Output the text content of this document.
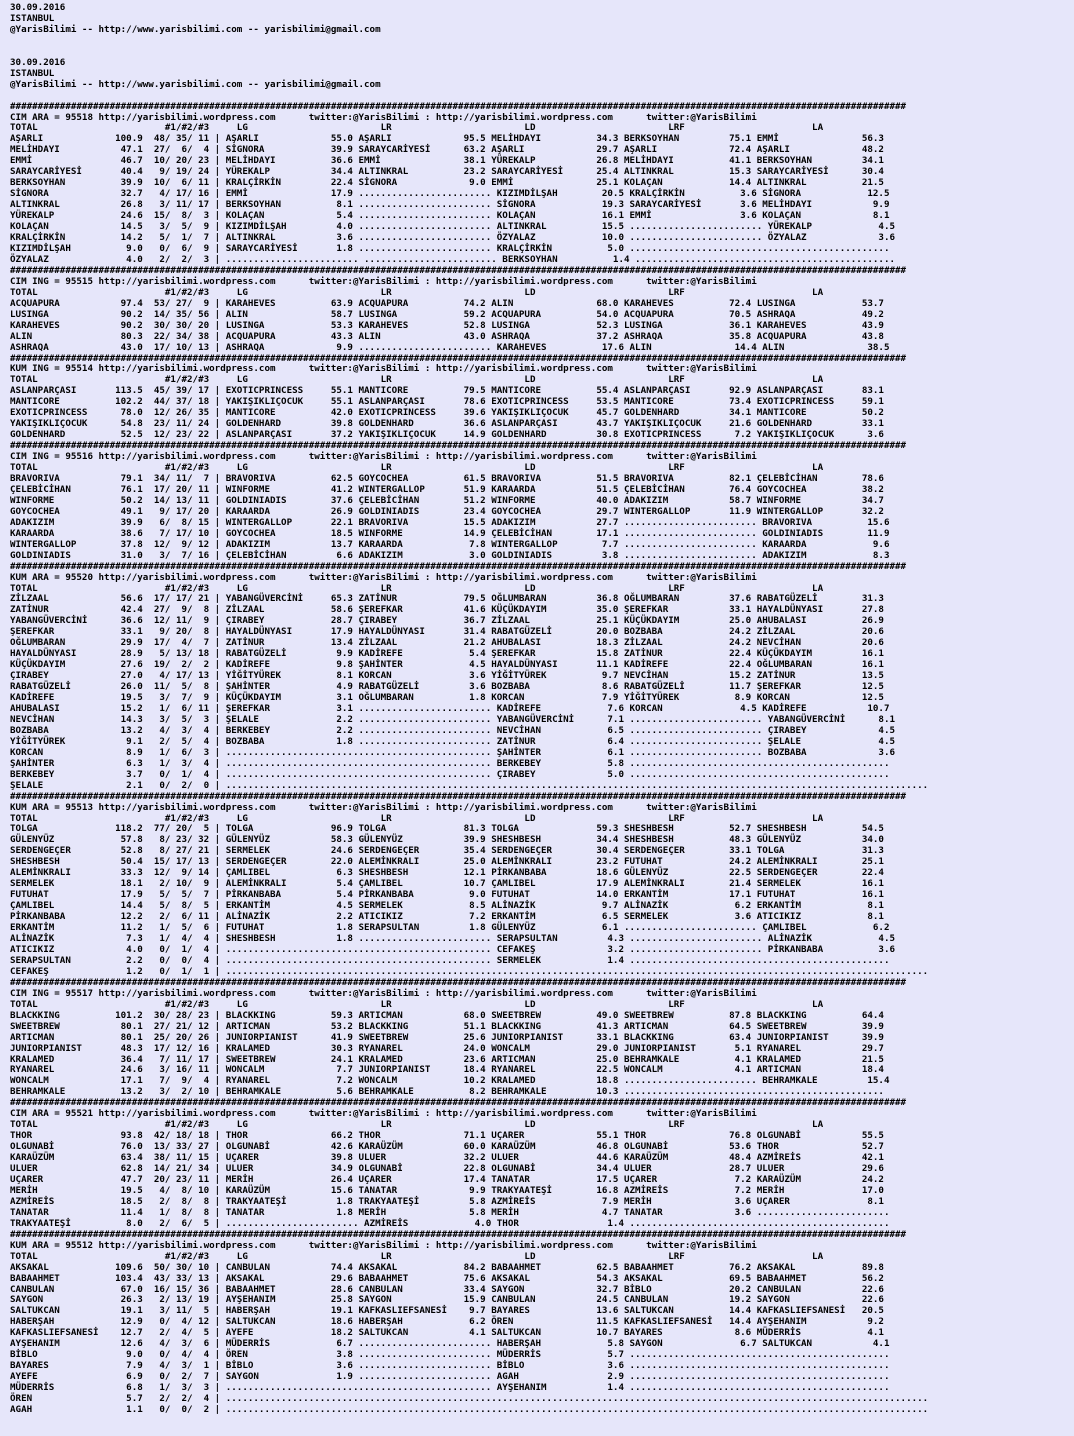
30.09.2016
ISTANBUL
@YarisBilimi -- http://www.yarisbilimi.com -- yarisbilimi@gmail.com

30.09.2016
ISTANBUL
@YarisBilimi -- http://www.yarisbilimi.com -- yarisbilimi@gmail.com

##################################################################################################################################################################
CIM ARA = 95518 http://yarisbilimi.wordpress.com      twitter:@YarisBilimi : http://yarisbilimi.wordpress.com      twitter:@YarisBilimi
TOTAL                       #1/#2/#3     LG                        LR                        LD                        LRF                       LA
AŞARLI             100.9  48/ 35/ 11 | AŞARLI             55.0 AŞARLI             95.5 MELİHDAYI          34.3 BERKSOYHAN         75.1 EMMİ               56.3
MELİHDAYI           47.1  27/  6/  4 | SİGNORA            39.9 SARAYCARİYESİ      63.2 AŞARLI             29.7 AŞARLI             72.4 AŞARLI             48.2
EMMİ                46.7  10/ 20/ 23 | MELİHDAYI          36.6 EMMİ               38.1 YÜREKALP           26.8 MELİHDAYI          41.1 BERKSOYHAN         34.1
SARAYCARİYESİ       40.4   9/ 19/ 24 | YÜREKALP           34.4 ALTINKRAL          23.2 SARAYCARİYESİ      25.4 ALTINKRAL          15.3 SARAYCARİYESİ      30.4
BERKSOYHAN          39.9  10/  6/ 11 | KRALÇİRKİN         22.4 SİGNORA             9.0 EMMİ               25.1 KOLAÇAN            14.4 ALTINKRAL          21.5
SİGNORA             32.7   4/ 17/ 16 | EMMİ               17.9 ........................ KIZIMDİLŞAH        20.5 KRALÇİRKİN          3.6 SİGNORA            12.5
ALTINKRAL           26.8   3/ 11/ 17 | BERKSOYHAN          8.1 ........................ SİGNORA            19.3 SARAYCARİYESİ       3.6 MELİHDAYI           9.9
YÜREKALP            24.6  15/  8/  3 | KOLAÇAN             5.4 ........................ KOLAÇAN            16.1 EMMİ                3.6 KOLAÇAN             8.1
KOLAÇAN             14.5   3/  5/  9 | KIZIMDİLŞAH         4.0 ........................ ALTINKRAL          15.5 ........................ YÜREKALP            4.5
KRALÇİRKİN          14.2   5/  1/  7 | ALTINKRAL           3.6 ........................ ÖZYALAZ            10.0 ........................ ÖZYALAZ             3.6
KIZIMDİLŞAH          9.0   0/  6/  9 | SARAYCARİYESİ       1.8 ........................ KRALÇİRKİN          5.0 ...............................................
ÖZYALAZ              4.0   2/  2/  3 | ........................ ........................ BERKSOYHAN          1.4 ...............................................
##################################################################################################################################################################
CIM ING = 95515 http://yarisbilimi.wordpress.com      twitter:@YarisBilimi : http://yarisbilimi.wordpress.com      twitter:@YarisBilimi
TOTAL                       #1/#2/#3     LG                        LR                        LD                        LRF                       LA
ACQUAPURA           97.4  53/ 27/  9 | KARAHEVES          63.9 ACQUAPURA          74.2 ALIN               68.0 KARAHEVES          72.4 LUSINGA            53.7
LUSINGA             90.2  14/ 35/ 56 | ALIN               58.7 LUSINGA            59.2 ACQUAPURA          54.0 ACQUAPURA          70.5 ASHRAQA            49.2
KARAHEVES           90.2  30/ 30/ 20 | LUSINGA            53.3 KARAHEVES          52.8 LUSINGA            52.3 LUSINGA            36.1 KARAHEVES          43.9
ALIN                80.3  22/ 34/ 38 | ACQUAPURA          43.3 ALIN               43.0 ASHRAQA            37.2 ASHRAQA            35.8 ACQUAPURA          43.8
ASHRAQA             43.0  17/ 10/ 13 | ASHRAQA             9.9 ........................ KARAHEVES          17.6 ALIN               14.4 ALIN               38.5
##################################################################################################################################################################
KUM ING = 95514 http://yarisbilimi.wordpress.com      twitter:@YarisBilimi : http://yarisbilimi.wordpress.com      twitter:@YarisBilimi
TOTAL                       #1/#2/#3     LG                        LR                        LD                        LRF                       LA
ASLANPARÇASI       113.5  45/ 39/ 17 | EXOTICPRINCESS     55.1 MANTICORE          79.5 MANTICORE          55.4 ASLANPARÇASI       92.9 ASLANPARÇASI       83.1
MANTICORE          102.2  44/ 37/ 18 | YAKIŞIKLIÇOCUK     55.1 ASLANPARÇASI       78.6 EXOTICPRINCESS     53.5 MANTICORE          73.4 EXOTICPRINCESS     59.1
EXOTICPRINCESS      78.0  12/ 26/ 35 | MANTICORE          42.0 EXOTICPRINCESS     39.6 YAKIŞIKLIÇOCUK     45.7 GOLDENHARD         34.1 MANTICORE          50.2
YAKIŞIKLIÇOCUK      54.8  23/ 11/ 24 | GOLDENHARD         39.8 GOLDENHARD         36.6 ASLANPARÇASI       43.7 YAKIŞIKLIÇOCUK     21.6 GOLDENHARD         33.1
GOLDENHARD          52.5  12/ 23/ 22 | ASLANPARÇASI       37.2 YAKIŞIKLIÇOCUK     14.9 GOLDENHARD         30.8 EXOTICPRINCESS      7.2 YAKIŞIKLIÇOCUK      3.6
##################################################################################################################################################################
CIM ING = 95516 http://yarisbilimi.wordpress.com      twitter:@YarisBilimi : http://yarisbilimi.wordpress.com      twitter:@YarisBilimi
TOTAL                       #1/#2/#3     LG                        LR                        LD                        LRF                       LA
BRAVORIVA           79.1  34/ 11/  7 | BRAVORIVA          62.5 GOYCOCHEA          61.5 BRAVORIVA          51.5 BRAVORIVA          82.1 ÇELEBİCİHAN        78.6
ÇELEBİCİHAN         76.1  17/ 20/ 11 | WINFORME           41.2 WINTERGALLOP       51.9 KARAARDA           51.5 ÇELEBİCİHAN        76.4 GOYCOCHEA          38.2
WINFORME            50.2  14/ 13/ 11 | GOLDINIADIS        37.6 ÇELEBİCİHAN        51.2 WINFORME           40.0 ADAKIZIM           58.7 WINFORME           34.7
GOYCOCHEA           49.1   9/ 17/ 20 | KARAARDA           26.9 GOLDINIADIS        23.4 GOYCOCHEA          29.7 WINTERGALLOP       11.9 WINTERGALLOP       32.2
ADAKIZIM            39.9   6/  8/ 15 | WINTERGALLOP       22.1 BRAVORIVA          15.5 ADAKIZIM           27.7 ........................ BRAVORIVA          15.6
KARAARDA            38.6   7/ 17/ 10 | GOYCOCHEA          18.5 WINFORME           14.9 ÇELEBİCİHAN        17.1 ........................ GOLDINIADIS        11.9
WINTERGALLOP        37.8  12/  9/ 12 | ADAKIZIM           13.7 KARAARDA            7.8 WINTERGALLOP        7.7 ........................ KARAARDA            9.6
GOLDINIADIS         31.0   3/  7/ 16 | ÇELEBİCİHAN         6.6 ADAKIZIM            3.0 GOLDINIADIS         3.8 ........................ ADAKIZIM            8.3
##################################################################################################################################################################
KUM ARA = 95520 http://yarisbilimi.wordpress.com      twitter:@YarisBilimi : http://yarisbilimi.wordpress.com      twitter:@YarisBilimi
TOTAL                       #1/#2/#3     LG                        LR                        LD                        LRF                       LA
ZİLZAAL             56.6  17/ 17/ 21 | YABANGÜVERCİNİ     65.3 ZATİNUR            79.5 OĞLUMBARAN         36.8 OĞLUMBARAN         37.6 RABATGÜZELİ        31.3
ZATİNUR             42.4  27/  9/  8 | ZİLZAAL            58.6 ŞEREFKAR           41.6 KÜÇÜKDAYIM         35.0 ŞEREFKAR           33.1 HAYALDÜNYASI       27.8
YABANGÜVERCİNİ      36.6  12/ 11/  9 | ÇIRABEY            28.7 ÇIRABEY            36.7 ZİLZAAL            25.1 KÜÇÜKDAYIM         25.0 AHUBALASI          26.9
ŞEREFKAR            33.1   9/ 20/  8 | HAYALDÜNYASI       17.9 HAYALDÜNYASI       31.4 RABATGÜZELİ        20.0 BOZBABA            24.2 ZİLZAAL            20.6
OĞLUMBARAN          29.9  17/  4/  7 | ZATİNUR            13.4 ZİLZAAL            21.2 AHUBALASI          18.3 ZİLZAAL            24.2 NEVCİHAN           20.6
HAYALDÜNYASI        28.9   5/ 13/ 18 | RABATGÜZELİ         9.9 KADİREFE            5.4 ŞEREFKAR           15.8 ZATİNUR            22.4 KÜÇÜKDAYIM         16.1
KÜÇÜKDAYIM          27.6  19/  2/  2 | KADİREFE            9.8 ŞAHİNTER            4.5 HAYALDÜNYASI       11.1 KADİREFE           22.4 OĞLUMBARAN         16.1
ÇIRABEY             27.0   4/ 17/ 13 | YİĞİTYÜREK          8.1 KORCAN              3.6 YİĞİTYÜREK          9.7 NEVCİHAN           15.2 ZATİNUR            13.5
RABATGÜZELİ         26.0  11/  5/  8 | ŞAHİNTER            4.9 RABATGÜZELİ         3.6 BOZBABA             8.6 RABATGÜZELİ        11.7 ŞEREFKAR           12.5
KADİREFE            19.5   3/  7/  9 | KÜÇÜKDAYIM          3.1 OĞLUMBARAN          1.8 KORCAN              7.9 YİĞİTYÜREK          8.9 KORCAN             12.5
AHUBALASI           15.2   1/  6/ 11 | ŞEREFKAR            3.1 ........................ KADİREFE            7.6 KORCAN              4.5 KADİREFE           10.7
NEVCİHAN            14.3   3/  5/  3 | ŞELALE              2.2 ........................ YABANGÜVERCİNİ      7.1 ........................ YABANGÜVERCİNİ      8.1
BOZBABA             13.2   4/  3/  4 | BERKEBEY            2.2 ........................ NEVCİHAN            6.5 ........................ ÇIRABEY             4.5
YİĞİTYÜREK           9.1   2/  5/  4 | BOZBABA             1.8 ........................ ZATİNUR             6.4 ........................ ŞELALE              4.5
KORCAN               8.9   1/  6/  3 | ................................................ ŞAHİNTER            6.1 ........................ BOZBABA             3.6
ŞAHİNTER             6.3   1/  3/  4 | ................................................ BERKEBEY            5.8 ...............................................
BERKEBEY             3.7   0/  1/  4 | ................................................ ÇIRABEY             5.0 ...............................................
ŞELALE               2.1   0/  2/  0 | ...............................................................................................................................
##################################################################################################################################################################
KUM ARA = 95513 http://yarisbilimi.wordpress.com      twitter:@YarisBilimi : http://yarisbilimi.wordpress.com      twitter:@YarisBilimi
TOTAL                       #1/#2/#3     LG                        LR                        LD                        LRF                       LA
TOLGA              118.2  77/ 20/  5 | TOLGA              96.9 TOLGA              81.3 TOLGA              59.3 SHESHBESH          52.7 SHESHBESH          54.5
GÜLENYÜZ            57.8   8/ 23/ 32 | GÜLENYÜZ           58.3 GÜLENYÜZ           39.9 SHESHBESH          34.4 SHESHBESH          48.3 GÜLENYÜZ           34.0
SERDENGEÇER         52.8   8/ 27/ 21 | SERMELEK           24.6 SERDENGEÇER        35.4 SERDENGEÇER        30.4 SERDENGEÇER        33.1 TOLGA              31.3
SHESHBESH           50.4  15/ 17/ 13 | SERDENGEÇER        22.0 ALEMİNKRALI        25.0 ALEMİNKRALI        23.2 FUTUHAT            24.2 ALEMİNKRALI        25.1
ALEMİNKRALI         33.3  12/  9/ 14 | ÇAMLIBEL            6.3 SHESHBESH          12.1 PİRKANBABA         18.6 GÜLENYÜZ           22.5 SERDENGEÇER        22.4
SERMELEK            18.1   2/ 10/  9 | ALEMİNKRALI         5.4 ÇAMLIBEL           10.7 ÇAMLIBEL           17.9 ALEMİNKRALI        21.4 SERMELEK           16.1
FUTUHAT             17.9   5/  5/  7 | PİRKANBABA          5.4 PİRKANBABA          9.0 FUTUHAT            14.0 ERKANTİM           17.1 FUTUHAT            16.1
ÇAMLIBEL            14.4   5/  8/  5 | ERKANTİM            4.5 SERMELEK            8.5 ALİNAZİK            9.7 ALİNAZİK            6.2 ERKANTİM            8.1
PİRKANBABA          12.2   2/  6/ 11 | ALİNAZİK            2.2 ATICIKIZ            7.2 ERKANTİM            6.5 SERMELEK            3.6 ATICIKIZ            8.1
ERKANTİM            11.2   1/  5/  6 | FUTUHAT             1.8 SERAPSULTAN         1.8 GÜLENYÜZ            6.1 ........................ ÇAMLIBEL            6.2
ALİNAZİK             7.3   1/  4/  4 | SHESHBESH           1.8 ........................ SERAPSULTAN         4.3 ........................ ALİNAZİK            4.5
ATICIKIZ             4.0   0/  1/  4 | ................................................ CEFAKEŞ             3.2 ........................ PİRKANBABA          3.6
SERAPSULTAN          2.2   0/  0/  4 | ................................................ SERMELEK            1.4 ...............................................
CEFAKEŞ              1.2   0/  1/  1 | ...............................................................................................................................
##################################################################################################################################################################
CIM ING = 95517 http://yarisbilimi.wordpress.com      twitter:@YarisBilimi : http://yarisbilimi.wordpress.com      twitter:@YarisBilimi
TOTAL                       #1/#2/#3     LG                        LR                        LD                        LRF                       LA
BLACKKING          101.2  30/ 28/ 23 | BLACKKING          59.3 ARTICMAN           68.0 SWEETBREW          49.0 SWEETBREW          87.8 BLACKKING          64.4
SWEETBREW           80.1  27/ 21/ 12 | ARTICMAN           53.2 BLACKKING          51.1 BLACKKING          41.3 ARTICMAN           64.5 SWEETBREW          39.9
ARTICMAN            80.1  25/ 20/ 26 | JUNIORPIANIST      41.9 SWEETBREW          25.6 JUNIORPIANIST      33.1 BLACKKING          63.4 JUNIORPIANIST      39.9
JUNIORPIANIST       48.3  17/ 12/ 16 | KRALAMED           30.3 RYANAREL           24.0 WONCALM            29.0 JUNIORPIANIST       5.1 RYANAREL           29.7
KRALAMED            36.4   7/ 11/ 17 | SWEETBREW          24.1 KRALAMED           23.6 ARTICMAN           25.0 BEHRAMKALE          4.1 KRALAMED           21.5
RYANAREL            24.6   3/ 16/ 11 | WONCALM             7.7 JUNIORPIANIST      18.4 RYANAREL           22.5 WONCALM             4.1 ARTICMAN           18.4
WONCALM             17.1   7/  9/  4 | RYANAREL            7.2 WONCALM            10.2 KRALAMED           18.8 ........................ BEHRAMKALE         15.4
BEHRAMKALE          13.2   3/  2/ 10 | BEHRAMKALE          5.6 BEHRAMKALE          8.2 BEHRAMKALE         10.3 ...............................................
##################################################################################################################################################################
CIM ARA = 95521 http://yarisbilimi.wordpress.com      twitter:@YarisBilimi : http://yarisbilimi.wordpress.com      twitter:@YarisBilimi
TOTAL                       #1/#2/#3     LG                        LR                        LD                        LRF                       LA
THOR                93.8  42/ 18/ 18 | THOR               66.2 THOR               71.1 UÇARER             55.1 THOR               76.8 OLGUNABİ           55.5
OLGUNABİ            76.0  13/ 33/ 27 | OLGUNABİ           42.6 KARAÜZÜM           60.0 KARAÜZÜM           46.8 OLGUNABİ           53.6 THOR               52.7
KARAÜZÜM            63.4  38/ 11/ 15 | UÇARER             39.8 ULUER              32.2 ULUER              44.6 KARAÜZÜM           48.4 AZMİREİS           42.1
ULUER               62.8  14/ 21/ 34 | ULUER              34.9 OLGUNABİ           22.8 OLGUNABİ           34.4 ULUER              28.7 ULUER              29.6
UÇARER              47.7  20/ 23/ 11 | MERİH              26.4 UÇARER             17.4 TANATAR            17.5 UÇARER              7.2 KARAÜZÜM           24.2
MERİH               19.5   4/  8/ 10 | KARAÜZÜM           15.6 TANATAR             9.9 TRAKYAATEŞİ        16.8 AZMİREİS            7.2 MERİH              17.0
AZMİREİS            18.5   2/  8/  8 | TRAKYAATEŞİ         1.8 TRAKYAATEŞİ         5.8 AZMİREİS            7.9 MERİH               3.6 UÇARER              8.1
TANATAR             11.4   1/  8/  8 | TANATAR             1.8 MERİH               5.8 MERİH               4.7 TANATAR             3.6 ........................
TRAKYAATEŞİ          8.0   2/  6/  5 | ........................ AZMİREİS            4.0 THOR                1.4 ...............................................
##################################################################################################################################################################
KUM ARA = 95512 http://yarisbilimi.wordpress.com      twitter:@YarisBilimi : http://yarisbilimi.wordpress.com      twitter:@YarisBilimi
TOTAL                       #1/#2/#3     LG                        LR                        LD                        LRF                       LA
AKSAKAL            109.6  50/ 30/ 10 | CANBULAN           74.4 AKSAKAL            84.2 BABAAHMET          62.5 BABAAHMET          76.2 AKSAKAL            89.8
BABAAHMET          103.4  43/ 33/ 13 | AKSAKAL            29.6 BABAAHMET          75.6 AKSAKAL            54.3 AKSAKAL            69.5 BABAAHMET          56.2
CANBULAN            67.0  16/ 15/ 36 | BABAAHMET          28.6 CANBULAN           33.4 SAYGON             32.7 BİBLO              20.2 CANBULAN           22.6
SAYGON              26.3   2/ 13/ 19 | AYŞEHANIM          25.8 SAYGON             15.9 CANBULAN           24.5 CANBULAN           19.2 SAYGON             22.6
SALTUKCAN           19.1   3/ 11/  5 | HABERŞAH           19.1 KAFKASLIEFSANESİ    9.7 BAYARES            13.6 SALTUKCAN          14.4 KAFKASLIEFSANESİ   20.5
HABERŞAH            12.9   0/  4/ 12 | SALTUKCAN          18.6 HABERŞAH            6.2 ÖREN               11.5 KAFKASLIEFSANESİ   14.4 AYŞEHANIM           9.2
KAFKASLIEFSANESİ    12.7   2/  4/  5 | AYEFE              18.2 SALTUKCAN           4.1 SALTUKCAN          10.7 BAYARES             8.6 MÜDERRİS            4.1
AYŞEHANIM           12.6   4/  3/  6 | MÜDERRİS            6.7 ........................ HABERŞAH            5.8 SAYGON              6.7 SALTUKCAN           4.1
BİBLO                9.0   0/  4/  4 | ÖREN                3.8 ........................ MÜDERRİS            5.7 ...............................................
BAYARES              7.9   4/  3/  1 | BİBLO               3.6 ........................ BİBLO               3.6 ...............................................
AYEFE                6.9   0/  2/  7 | SAYGON              1.9 ........................ AGAH                2.9 ...............................................
MÜDERRİS             6.8   1/  3/  3 | ................................................ AYŞEHANIM           1.4 ...............................................
ÖREN                 5.7   2/  2/  4 | ...............................................................................................................................
AGAH                 1.1   0/  0/  2 | ...............................................................................................................................
